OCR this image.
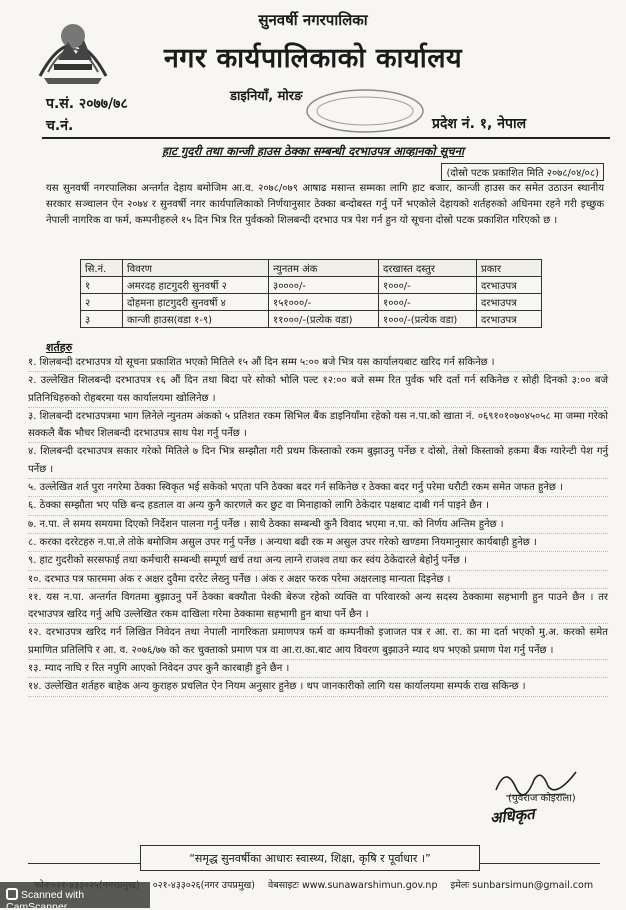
सुनवर्षी नगरपालिका
नगर कार्यपालिकाको कार्यालय
डाइनियाँ, मोरङ
प.सं. २०७७/७८
च.नं.	प्रदेश नं. १, नेपाल
हाट गुदरी तथा कान्जी हाउस ठेक्का सम्बन्धी दरभाउपत्र आव्हानको सूचना
(दोस्रो पटक प्रकाशित मिति २०७८/०४/०८)
यस सुनवर्षी नगरपालिका अन्तर्गत देहाय बमोजिम आ.व. २०७८/०७९ आषाढ मसान्त सम्मका लागि हाट बजार, कान्जी हाउस कर समेत उठाउन स्थानीय सरकार सञ्चालन ऐन २०७४ र सुनवर्षी नगर कार्यपालिकाको निर्णयानुसार ठेक्का बन्दोबस्त गर्नु पर्ने भएकोले देहायको शर्तहरुको अधिनमा रहने गरी इच्छुक नेपाली नागरिक वा फर्म, कम्पनीहरुले १५ दिन भित्र रित पुर्वकको शिलबन्दी दरभाउ पत्र पेश गर्न हुन यो सूचना दोस्रो पटक प्रकाशित गरिएको छ ।
सि.नं.	विवरण	न्युनतम अंक	दरखास्त दस्तुर	प्रकार
१	अमरदह हाटगुदरी सुनवर्षी २	३००००/-	१०००/-	दरभाउपत्र
२	दोहमना हाटगुदरी सुनवर्षी ४	१५१०००/-	१०००/-	दरभाउपत्र
३	कान्जी हाउस(वडा १-९)	११०००/-(प्रत्येक वडा)	१०००/-(प्रत्येक वडा)	दरभाउपत्र
शर्तहरु

१. शिलबन्दी दरभाउपत्र यो सूचना प्रकाशित भएको मितिले १५ औं दिन सम्म ५:०० बजे भित्र यस कार्यालयबाट खरिद गर्न सकिनेछ ।

२. उल्लेखित शिलबन्दी दरभाउपत्र १६ औं दिन तथा बिदा परे सोको भोलि पल्ट १२:०० बजे सम्म रित पुर्वक भरि दर्ता गर्न सकिनेछ र सोही दिनको ३:०० बजे प्रतिनिधिहरुको रोहबरमा यस कार्यालयमा खोलिनेछ ।

३. शिलबन्दी दरभाउपत्रमा भाग लिनेले न्युनतम अंकको ५ प्रतिशत रकम सिभिल बैंक डाइनियाँमा रहेको यस न.पा.को खाता नं. ०६९१०१०७०४५०५८ मा जम्मा गरेको सक्कलै बैंक भौचर शिलबन्दी दरभाउपत्र साथ पेश गर्नु पर्नेछ ।

४. शिलबन्दी दरभाउपत्र सकार गरेको मितिले ७ दिन भित्र सम्झौता गरी प्रथम किस्ताको रकम बुझाउनु पर्नेछ र दोस्रो, तेस्रो किस्ताको हकमा बैंक ग्यारेन्टी पेश गर्नु पर्नेछ ।

५. उल्लेखित शर्त पुरा नगरेमा ठेक्का स्विकृत भई सकेको भएता पनि ठेक्का बदर गर्न सकिनेछ र ठेक्का बदर गर्नु परेमा धरौटी रकम समेत जफत हुनेछ ।

६. ठेक्का सम्झौता भए पछि बन्द हडताल वा अन्य कुनै कारणले कर छुट वा मिनाहाको लागि ठेकेदार पक्षबाट दाबी गर्न पाइने छैन ।

७. न.पा. ले समय समयमा दिएको निर्देशन पालना गर्नु पर्नेछ । साथै ठेक्का सम्बन्धी कुनै विवाद भएमा न.पा. को निर्णय अन्तिम हुनेछ ।

८. करका दररेटहरु न.पा.ले तोके बमोजिम असुल उपर गर्नु पर्नेछ । अन्यथा बढी रक म असुल उपर गरेको खण्डमा नियमानुसार कार्यबाही हुनेछ ।

९. हाट गुदरीको सरसफाई तथा कर्मचारी सम्बन्धी सम्पूर्ण खर्च तथा अन्य लाग्ने राजश्व तथा कर स्वंय ठेकेदारले बेहोर्नु पर्नेछ ।

१०. दरभाउ पत्र फारममा अंक र अक्षर दुवैमा दररेट लेख्नु पर्नेछ । अंक र अक्षर फरक परेमा अक्षरलाइ मान्यता दिइनेछ ।

११. यस न.पा. अन्तर्गत विगतमा बुझाउनु पर्ने ठेक्का बक्यौता पेश्की बेरुज रहेको व्यक्ति वा परिवारको अन्य सदस्य ठेक्कामा सहभागी हुन पाउने छैन । तर दरभाउपत्र खरिद गर्नु अघि उल्लेखित रकम दाखिला गरेमा ठेक्कामा सहभागी हुन बाधा पर्ने छैन ।

१२. दरभाउपत्र खरिद गर्न लिखित निवेदन तथा नेपाली नागरिकता प्रमाणपत्र फर्म वा कम्पनीको इजाजत पत्र र आ. रा. का मा दर्ता भएको मु.अ. करको समेत प्रमाणित प्रतिलिपि र आ. व. २०७६/७७ को कर चुक्ताको प्रमाण पत्र वा आ.रा.का.बाट आय विवरण बुझाउने म्याद थप भएको प्रमाण पेश गर्नु पर्नेछ ।

१३. म्याद नाघि र रित नपुगि आएको निवेदन उपर कुनै कारबाही हुने छैन ।

१४. उल्लेखित शर्तहरु बाहेक अन्य कुराहरु प्रचलित ऐन नियम अनुसार हुनेछ । थप जानकारीको लागि यस कार्यालयमा सम्पर्क राख सकिन्छ ।

(युवराज कोइराला)
अधिकृत
“समृद्ध सुनवर्षीका आधारः स्वास्थ्य, शिक्षा, कृषि र पूर्वाधार ।”
०२१-४३३०२६(नगर उपप्रमुख) वेबसाइटः www.sunawarshimun.gov.np इमेलः sunbarsimun@gmail.com
Scanned with CamScanner
